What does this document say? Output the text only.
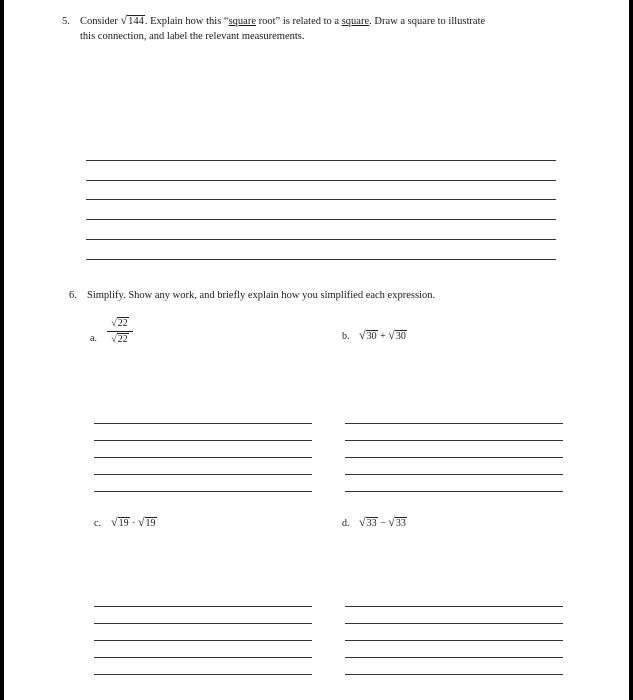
5. Consider √144. Explain how this “square root” is related to a square. Draw a square to illustrate
this connection, and label the relevant measurements.
6. Simplify. Show any work, and briefly explain how you simplified each expression.
a.
√22
√22	b. √30 + √30
c. √19 · √19	d. √33 − √33
